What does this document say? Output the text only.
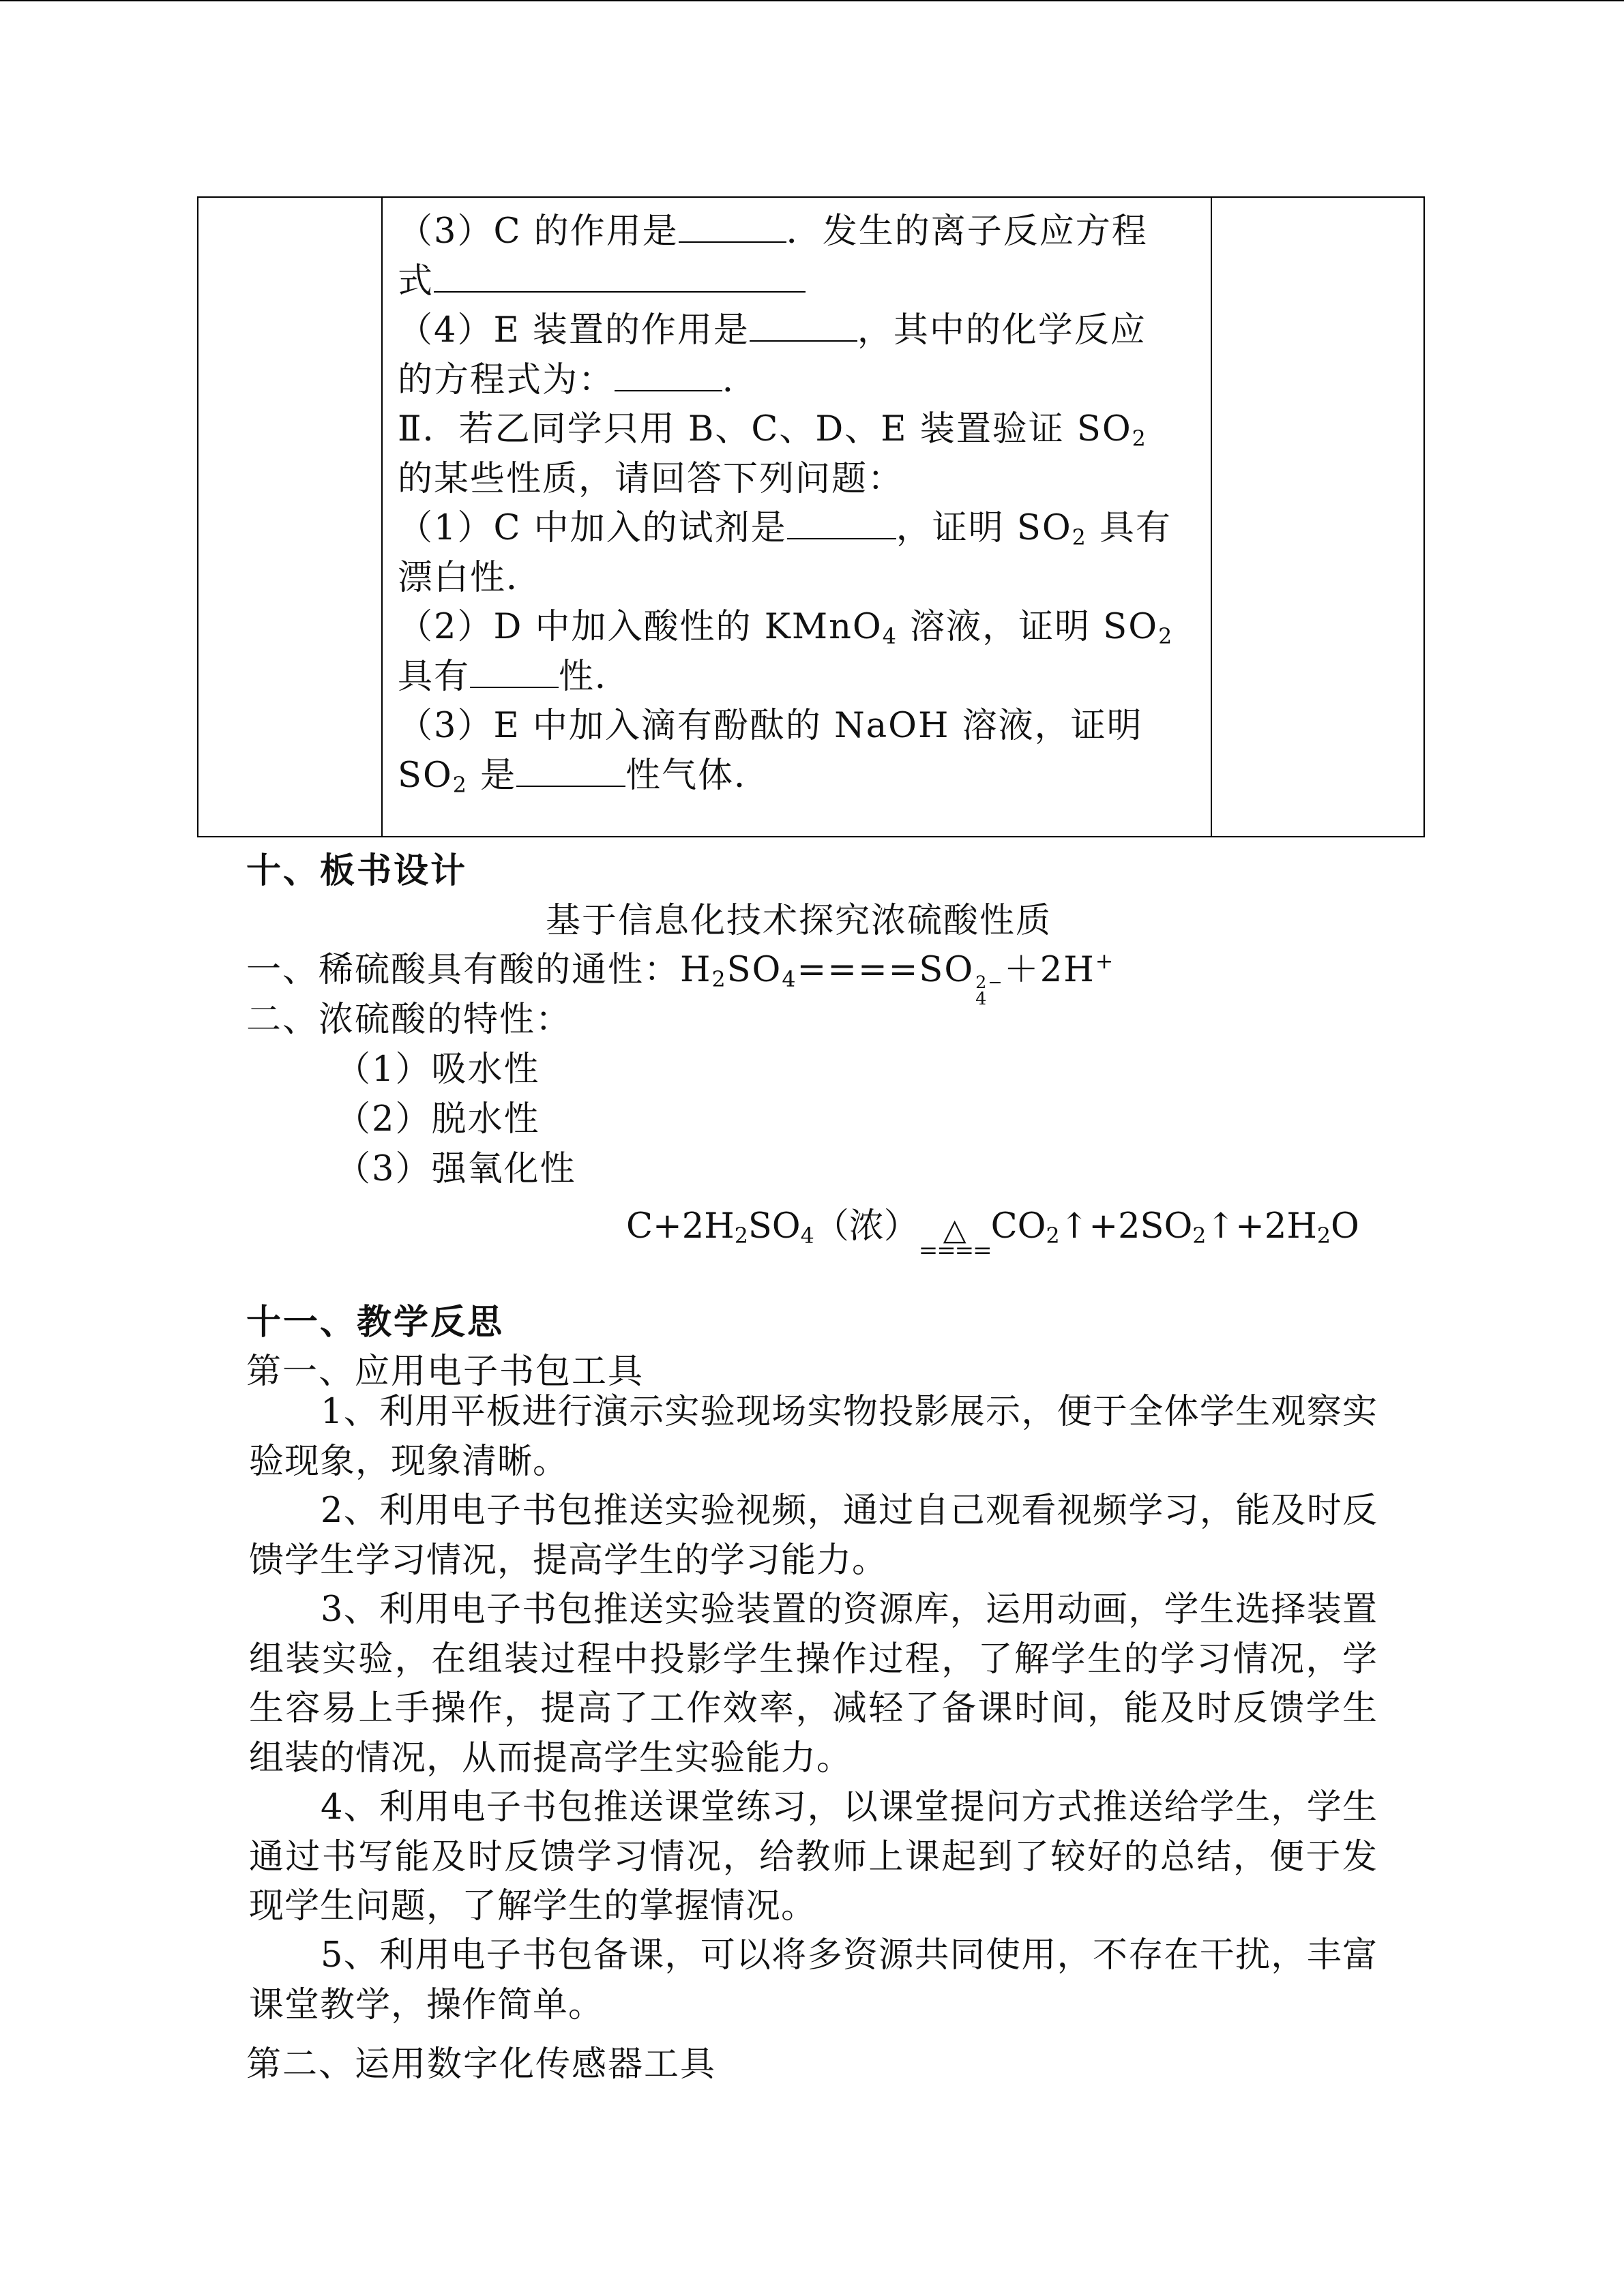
（3）C 的作用是	．发生的离子反应方程
式
（4）E 装置的作用是	，其中的化学反应
的方程式为：	．
Ⅱ．若乙同学只用 B、C、D、E 装置验证 $SO_2$
的某些性质，请回答下列问题：
（1）C 中加入的试剂是	，证明 $SO_2$ 具有
漂白性．
（2）D 中加入酸性的 KMnO$_4$ 溶液，证明 $SO_2$
具有	性．
（3）E 中加入滴有酚酞的 NaOH 溶液，证明
$SO_2$ 是	性气体．

十、板书设计
基于信息化技术探究浓硫酸性质
一、稀硫酸具有酸的通性：$H_2SO_4====SO$ 2−
4
＋2H+
二、浓硫酸的特性：
（1）吸水性
（2）脱水性
（3）强氧化性
$C+2H_2SO_4$（浓） △
====
$CO_2↑+2SO_2↑+2H_2O$
十一、教学反思
第一、应用电子书包工具
1、利用平板进行演示实验现场实物投影展示，便于全体学生观察实验现象，现象清晰。
2、利用电子书包推送实验视频，通过自己观看视频学习，能及时反馈学生学习情况，提高学生的学习能力。
3、利用电子书包推送实验装置的资源库，运用动画，学生选择装置组装实验，在组装过程中投影学生操作过程，了解学生的学习情况，学生容易上手操作，提高了工作效率，减轻了备课时间，能及时反馈学生组装的情况，从而提高学生实验能力。
4、利用电子书包推送课堂练习，以课堂提问方式推送给学生，学生通过书写能及时反馈学习情况，给教师上课起到了较好的总结，便于发现学生问题，了解学生的掌握情况。
5、利用电子书包备课，可以将多资源共同使用，不存在干扰，丰富课堂教学，操作简单。
第二、运用数字化传感器工具
